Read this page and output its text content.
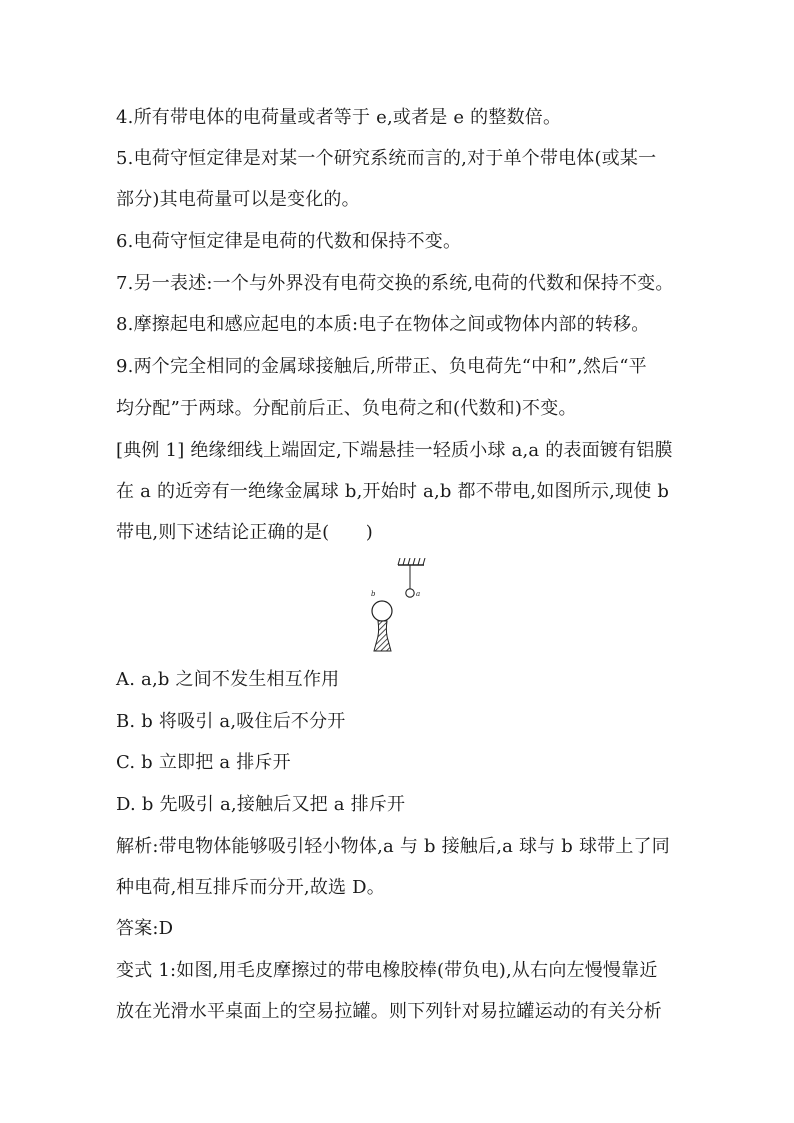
4.所有带电体的电荷量或者等于 e,或者是 e 的整数倍。
5.电荷守恒定律是对某一个研究系统而言的,对于单个带电体(或某一
部分)其电荷量可以是变化的。
6.电荷守恒定律是电荷的代数和保持不变。
7.另一表述:一个与外界没有电荷交换的系统,电荷的代数和保持不变。
8.摩擦起电和感应起电的本质:电子在物体之间或物体内部的转移。
9.两个完全相同的金属球接触后,所带正、负电荷先“中和”,然后“平
均分配”于两球。分配前后正、负电荷之和(代数和)不变。
[典例 1] 绝缘细线上端固定,下端悬挂一轻质小球 a,a 的表面镀有铝膜
在 a 的近旁有一绝缘金属球 b,开始时 a,b 都不带电,如图所示,现使 b
带电,则下述结论正确的是(　　)
a
b
A. a,b 之间不发生相互作用
B. b 将吸引 a,吸住后不分开
C. b 立即把 a 排斥开
D. b 先吸引 a,接触后又把 a 排斥开
解析:带电物体能够吸引轻小物体,a 与 b 接触后,a 球与 b 球带上了同
种电荷,相互排斥而分开,故选 D。
答案:D
变式 1:如图,用毛皮摩擦过的带电橡胶棒(带负电),从右向左慢慢靠近
放在光滑水平桌面上的空易拉罐。则下列针对易拉罐运动的有关分析
